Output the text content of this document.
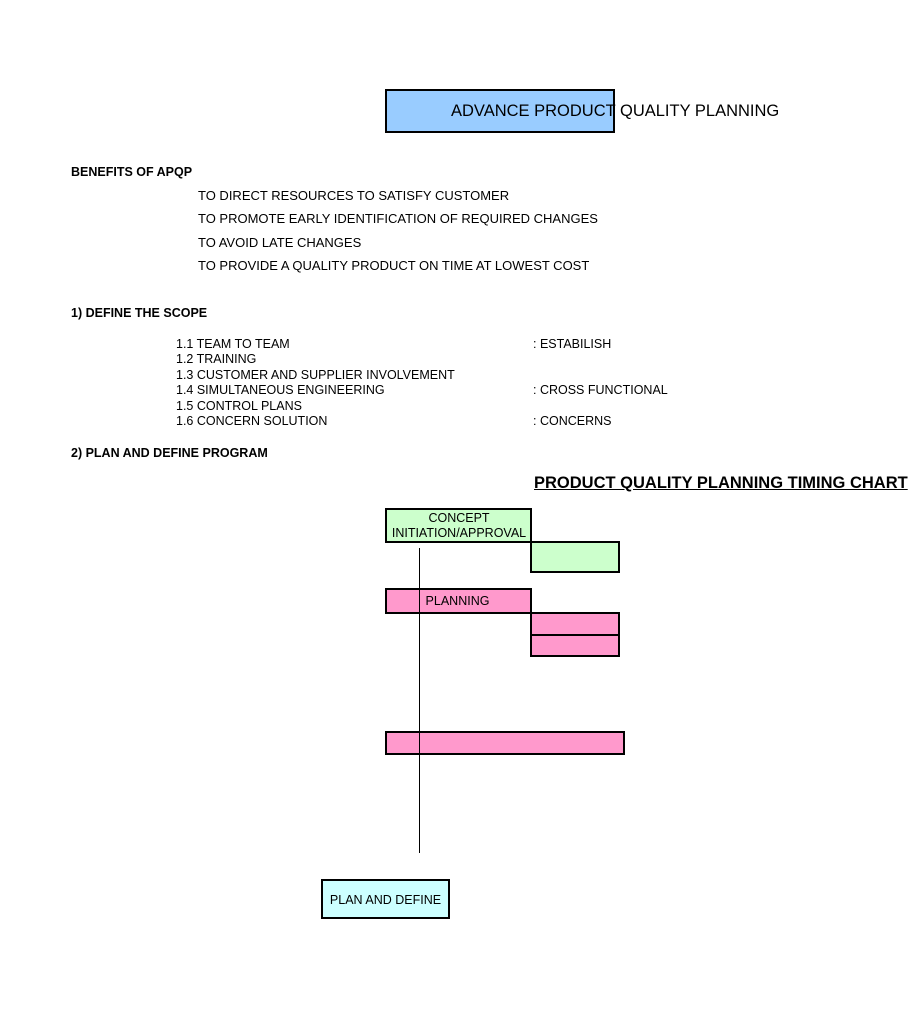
ADVANCE PRODUCT QUALITY PLANNING
BENEFITS OF APQP
TO DIRECT RESOURCES TO SATISFY CUSTOMER
TO PROMOTE EARLY IDENTIFICATION OF REQUIRED CHANGES
TO AVOID LATE CHANGES
TO PROVIDE A QUALITY PRODUCT ON TIME AT LOWEST COST
1) DEFINE THE SCOPE
1.1 TEAM TO TEAM	: ESTABILISH
1.2 TRAINING
1.3 CUSTOMER AND SUPPLIER INVOLVEMENT
1.4 SIMULTANEOUS ENGINEERING	: CROSS FUNCTIONAL
1.5 CONTROL PLANS
1.6 CONCERN SOLUTION	: CONCERNS
2) PLAN AND DEFINE PROGRAM
PRODUCT QUALITY PLANNING TIMING CHART
CONCEPT INITIATION/APPROVAL
PLANNING
PLAN AND DEFINE
